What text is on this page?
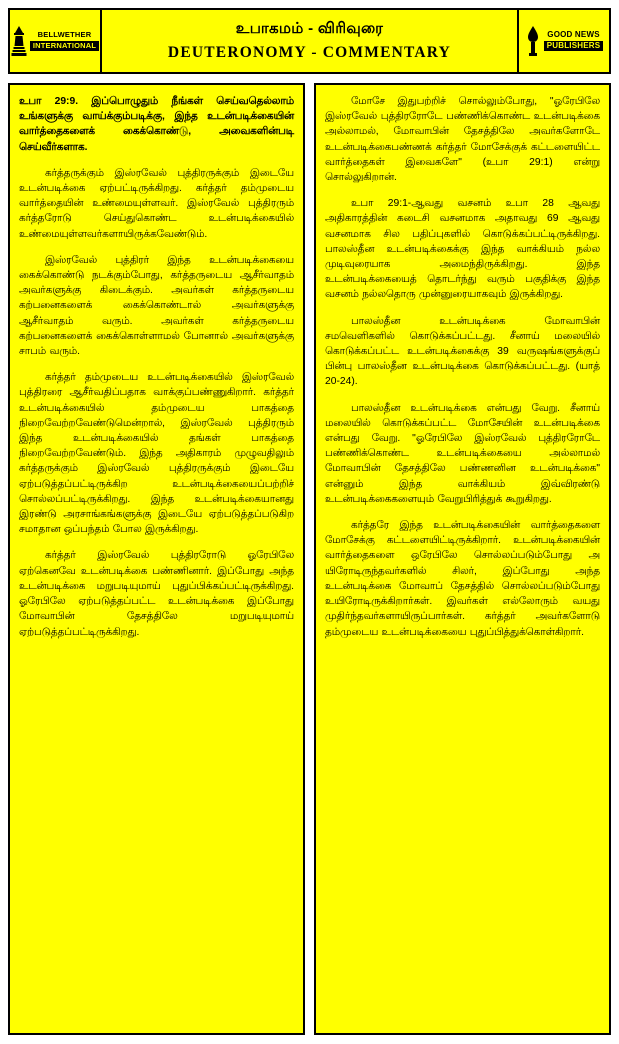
BELLWETHER
INTERNATIONAL
உபாகமம் - விரிவுரை
DEUTERONOMY - COMMENTARY
GOOD NEWS
PUBLISHERS

உபா 29:9. இப்பொழுதும் நீங்கள் செய்வதெல்லாம் உங்களுக்கு வாய்க்கும்படிக்கு, இந்த உடன்படிக்கையின் வார்த்தைகளைக் கைக்கொண்டு, அவைகளின்படி செய்வீர்களாக.

கர்த்தருக்கும் இஸ்ரவேல் புத்திரருக்கும் இடையே உடன்படிக்கை ஏற்பட்டிருக்கிறது. கர்த்தர் தம்முடைய வார்த்தையின் உண்மையுள்ளவர். இஸ்ரவேல் புத்திரரும் கர்த்தரோடு செய்துகொண்ட உடன்படிக்கையில் உண்மையுள்ளவர்களாயிருக்கவேண்டும்.

இஸ்ரவேல் புத்திரர் இந்த உடன்படிக்கையை கைக்கொண்டு நடக்கும்போது, கர்த்தருடைய ஆசீர்வாதம் அவர்களுக்கு கிடைக்கும். அவர்கள் கர்த்தருடைய கற்பனைகளைக் கைக்கொண்டால் அவர்களுக்கு ஆசீர்வாதம் வரும். அவர்கள் கர்த்தருடைய கற்பனைகளைக் கைக்கொள்ளாமல் போனால் அவர்களுக்கு சாபம் வரும்.

கர்த்தர் தம்முடைய உடன்படிக்கையில் இஸ்ரவேல் புத்திரரை ஆசீர்வதிப்பதாக வாக்குப்பண்ணுகிறார். கர்த்தர் உடன்படிக்கையில் தம்முடைய பாகத்தை நிறைவேற்றவேண்டுமென்றால், இஸ்ரவேல் புத்திரரும் இந்த உடன்படிக்கையில் தங்கள் பாகத்தை நிறைவேற்றவேண்டும். இந்த அதிகாரம் முழுவதிலும் கர்த்தருக்கும் இஸ்ரவேல் புத்திரருக்கும் இடையே ஏற்படுத்தப்பட்டிருக்கிற உடன்படிக்கையைப்பற்றிச் சொல்லப்பட்டிருக்கிறது. இந்த உடன்படிக்கையானது இரண்டு அரசாங்கங்களுக்கு இடையே ஏற்படுத்தப்படுகிற சமாதான ஒப்பந்தம் போல இருக்கிறது.

கர்த்தர் இஸ்ரவேல் புத்திரரோடு ஓரேபிலே ஏற்கெனவே உடன்படிக்கை பண்ணினார். இப்போது அந்த உடன்படிக்கை மறுபடியுமாய் புதுப்பிக்கப்பட்டிருக்கிறது. ஓரேபிலே ஏற்படுத்தப்பட்ட உடன்படிக்கை இப்போது மோவாபின் தேசத்திலே மறுபடியுமாய் ஏற்படுத்தப்பட்டிருக்கிறது.

மோசே இதுபற்றிச் சொல்லும்போது, "ஓரேபிலே இஸ்ரவேல் புத்திரரோடே பண்ணிக்கொண்ட உடன்படிக்கை அல்லாமல், மோவாபின் தேசத்திலே அவர்களோடே உடன்படிக்கைபண்ணக் கர்த்தர் மோசேக்குக் கட்டளையிட்ட வார்த்தைகள் இவைகளே" (உபா 29:1) என்று சொல்லுகிறான்.

உபா 29:1-ஆவது வசனம் உபா 28 ஆவது அதிகாரத்தின் கடைசி வசனமாக அதாவது 69 ஆவது வசனமாக சில பதிப்புகளில் கொடுக்கப்பட்டிருக்கிறது. பாலஸ்தீன உடன்படிக்கைக்கு இந்த வாக்கியம் நல்ல முடிவுரையாக அமைந்திருக்கிறது. இந்த உடன்படிக்கையைத் தொடர்ந்து வரும் பகுதிக்கு இந்த வசனம் நல்லதொரு முன்னுரையாகவும் இருக்கிறது.

பாலஸ்தீன உடன்படிக்கை மோவாபின் சமவெளிகளில் கொடுக்கப்பட்டது. சீனாய் மலையில் கொடுக்கப்பட்ட உடன்படிக்கைக்கு 39 வருஷங்களுக்குப் பின்பு பாலஸ்தீன உடன்படிக்கை கொடுக்கப்பட்டது. (யாத் 20-24).

பாலஸ்தீன உடன்படிக்கை என்பது வேறு. சீனாய் மலையில் கொடுக்கப்பட்ட மோசேயின் உடன்படிக்கை என்பது வேறு. "ஓரேபிலே இஸ்ரவேல் புத்திரரோடே பண்ணிக்கொண்ட உடன்படிக்கையை அல்லாமல் மோவாபின் தேசத்திலே பண்ணனின உடன்படிக்கை" என்னும் இந்த வாக்கியம் இவ்விரண்டு உடன்படிக்கைகளையும் வேறுபிரித்துக் கூறுகிறது.

கர்த்தரே இந்த உடன்படிக்கையின் வார்த்தைகளை மோசேக்கு கட்டளையிட்டிருக்கிறார். உடன்படிக்கையின் வார்த்தைகளை ஒரேபிலே சொல்லப்படும்போது அ யிரோடிருந்தவர்களில் சிலர், இப்போது அந்த உடன்படிக்கை மோவாப் தேசத்தில் சொல்லப்படும்போது உயிரோடிருக்கிறார்கள். இவர்கள் எல்லோரும் வயது முதிர்ந்தவர்களாயிருப்பார்கள். கர்த்தர் அவர்களோடு தம்முடைய உடன்படிக்கையை புதுப்பித்துக்கொள்கிறார்.
